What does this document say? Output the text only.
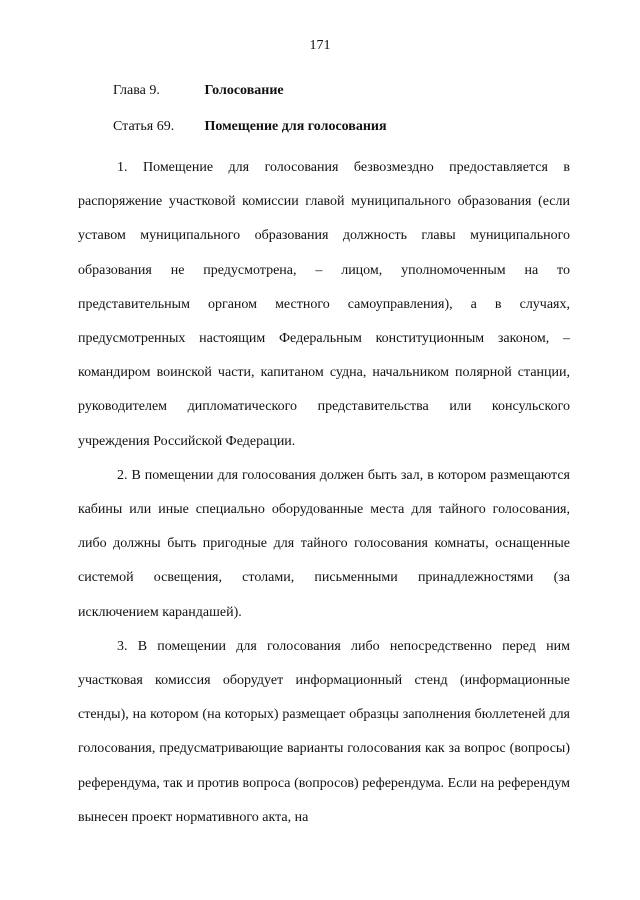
171
Глава 9.	Голосование
Статья 69. Помещение для голосования

1. Помещение для голосования безвозмездно предоставляется в распоряжение участковой комиссии главой муниципального образования (если уставом муниципального образования должность главы муниципального образования не предусмотрена, – лицом, уполномоченным на то представительным органом местного самоуправления), а в случаях, предусмотренных настоящим Федеральным конституционным законом, – командиром воинской части, капитаном судна, начальником полярной станции, руководителем дипломатического представительства или консульского учреждения Российской Федерации.

2. В помещении для голосования должен быть зал, в котором размещаются кабины или иные специально оборудованные места для тайного голосования, либо должны быть пригодные для тайного голосования комнаты, оснащенные системой освещения, столами, письменными принадлежностями (за исключением карандашей).

3. В помещении для голосования либо непосредственно перед ним участковая комиссия оборудует информационный стенд (информационные стенды), на котором (на которых) размещает образцы заполнения бюллетеней для голосования, предусматривающие варианты голосования как за вопрос (вопросы) референдума, так и против вопроса (вопросов) референдума. Если на референдум вынесен проект нормативного акта, на
